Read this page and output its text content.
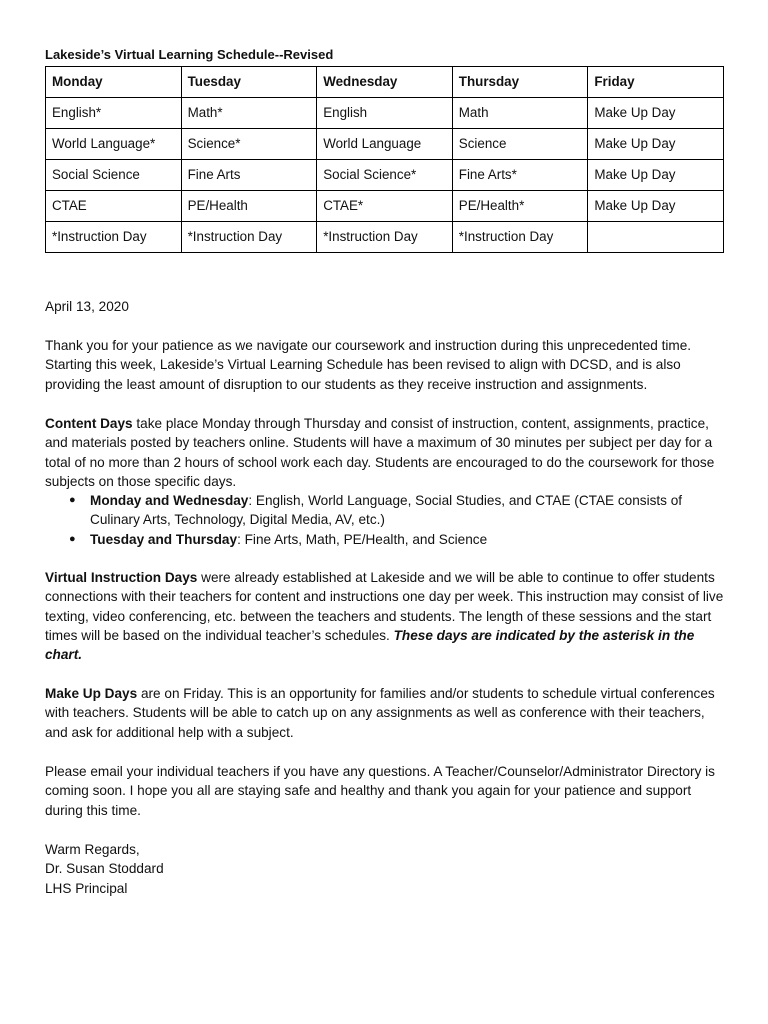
Lakeside’s Virtual Learning Schedule--Revised

Monday	Tuesday	Wednesday	Thursday	Friday
English*	Math*	English	Math	Make Up Day
World Language*	Science*	World Language	Science	Make Up Day
Social Science	Fine Arts	Social Science*	Fine Arts*	Make Up Day
CTAE	PE/Health	CTAE*	PE/Health*	Make Up Day
*Instruction Day	*Instruction Day	*Instruction Day	*Instruction Day	

April 13, 2020

Thank you for your patience as we navigate our coursework and instruction during this unprecedented time. Starting this week, Lakeside’s Virtual Learning Schedule has been revised to align with DCSD, and is also providing the least amount of disruption to our students as they receive instruction and assignments.

Content Days take place Monday through Thursday and consist of instruction, content, assignments, practice, and materials posted by teachers online. Students will have a maximum of 30 minutes per subject per day for a total of no more than 2 hours of school work each day. Students are encouraged to do the coursework for those subjects on those specific days.

● Monday and Wednesday: English, World Language, Social Studies, and CTAE (CTAE consists of Culinary Arts, Technology, Digital Media, AV, etc.)
● Tuesday and Thursday: Fine Arts, Math, PE/Health, and Science

Virtual Instruction Days were already established at Lakeside and we will be able to continue to offer students connections with their teachers for content and instructions one day per week. This instruction may consist of live texting, video conferencing, etc. between the teachers and students. The length of these sessions and the start times will be based on the individual teacher’s schedules. These days are indicated by the asterisk in the chart.

Make Up Days are on Friday. This is an opportunity for families and/or students to schedule virtual conferences with teachers. Students will be able to catch up on any assignments as well as conference with their teachers, and ask for additional help with a subject.

Please email your individual teachers if you have any questions. A Teacher/Counselor/Administrator Directory is coming soon. I hope you all are staying safe and healthy and thank you again for your patience and support during this time.

Warm Regards,
Dr. Susan Stoddard
LHS Principal
